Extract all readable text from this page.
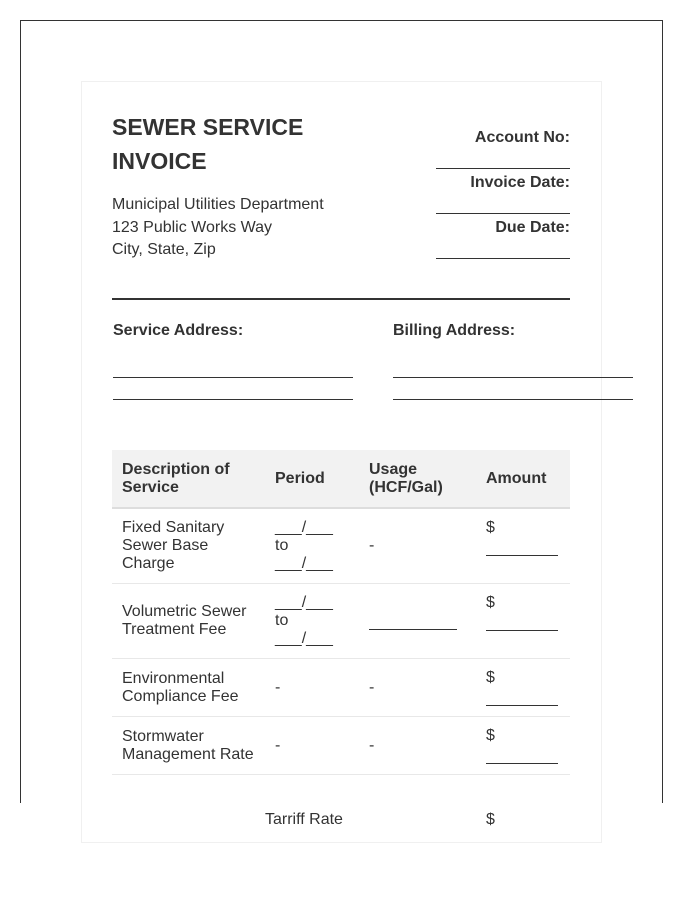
SEWER SERVICE INVOICE
Municipal Utilities Department
123 Public Works Way
City, State, Zip
Account No:
Invoice Date:
Due Date:
Service Address:	Billing Address:
Description of Service	Period	Usage (HCF/Gal)	Amount
Fixed Sanitary Sewer Base Charge	___/___
to
___/___	-	$

Volumetric Sewer Treatment Fee	___/___
to
___/___		$

Environmental Compliance Fee	-	-	$

Stormwater Management Rate	-	-	$

	Tarriff Rate		$
